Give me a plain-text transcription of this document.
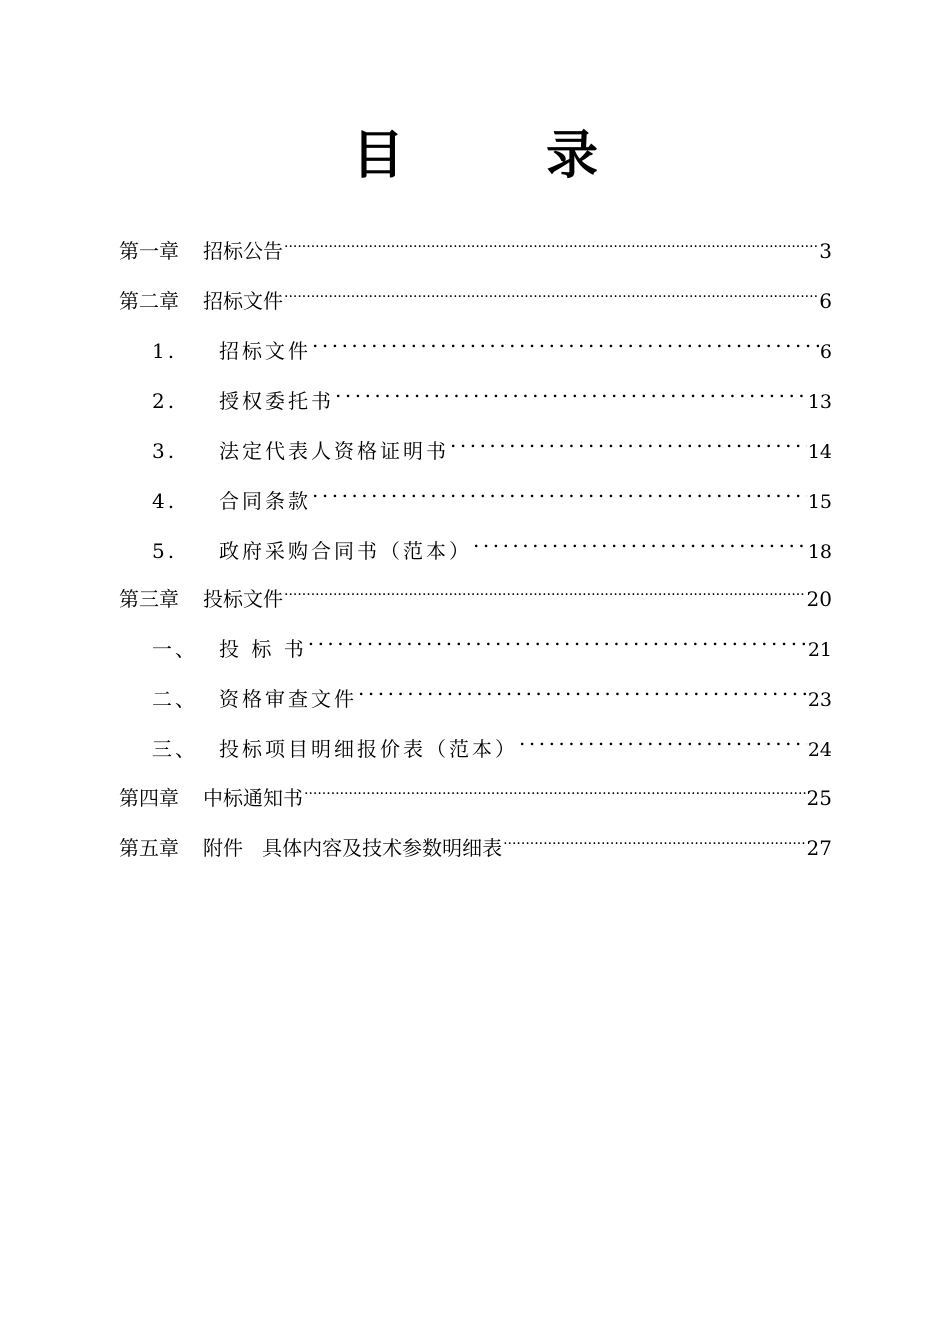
目	录
第一章	招标公告 .....	3
第二章	招标文件 .....	6
1.	招标文件 .....	6
2.	授权委托书 .....	13
3.	法定代表人资格证明书 .....	14
4.	合同条款 .....	15
5.	政府采购合同书（范本） .....	18
第三章	投标文件 .....	20
一、	投 标 书 .....	21
二、	资格审查文件 .....	23
三、	投标项目明细报价表（范本） .....	24
第四章	中标通知书 .....	25
第五章	附件   具体内容及技术参数明细表 .....	27
